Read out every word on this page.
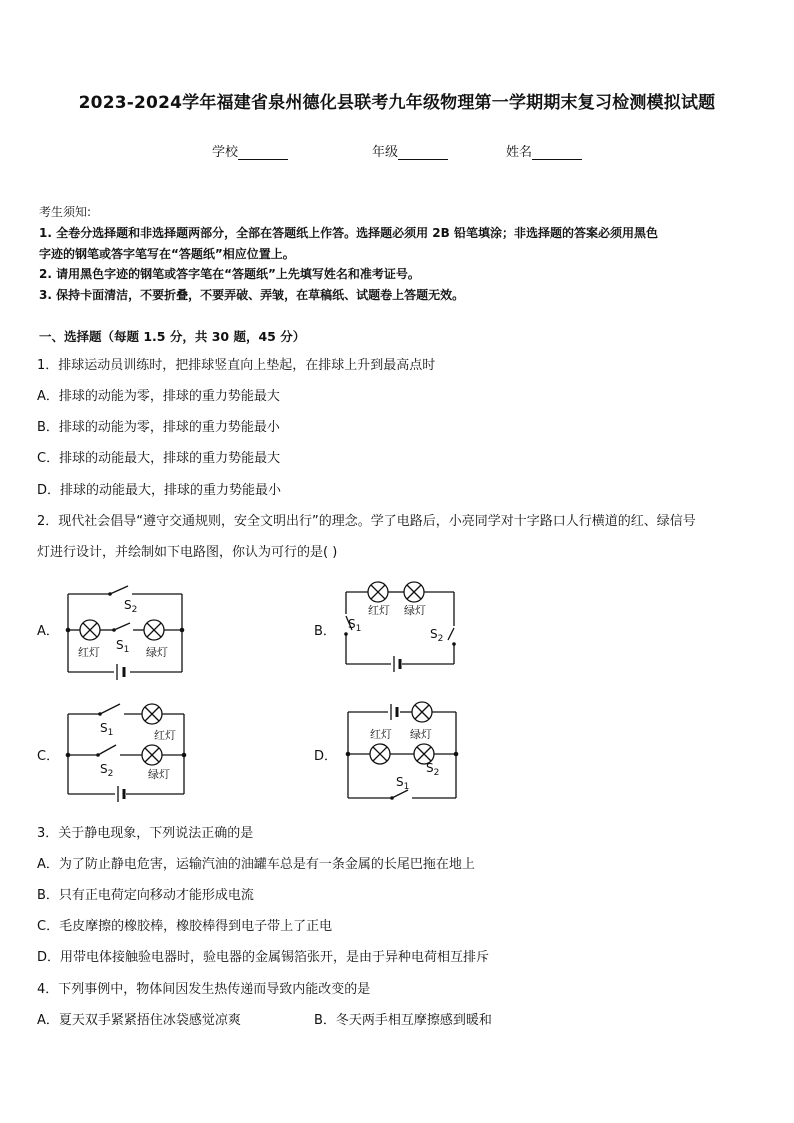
2023-2024学年福建省泉州德化县联考九年级物理第一学期期末复习检测模拟试题
学校	年级	姓名
考生须知:
1. 全卷分选择题和非选择题两部分，全部在答题纸上作答。选择题必须用 2B 铅笔填涂；非选择题的答案必须用黑色
字迹的钢笔或答字笔写在“答题纸”相应位置上。
2. 请用黑色字迹的钢笔或答字笔在“答题纸”上先填写姓名和准考证号。
3. 保持卡面清洁，不要折叠，不要弄破、弄皱，在草稿纸、试题卷上答题无效。
一、选择题（每题 1.5 分，共 30 题，45 分）
1．排球运动员训练时，把排球竖直向上垫起，在排球上升到最高点时
A．排球的动能为零，排球的重力势能最大
B．排球的动能为零，排球的重力势能最小
C．排球的动能最大，排球的重力势能最大
D．排球的动能最大，排球的重力势能最小
2．现代社会倡导“遵守交通规则，安全文明出行”的理念。学了电路后，小亮同学对十字路口人行横道的红、绿信号
灯进行设计，并绘制如下电路图，你认为可行的是( )
A．	B．
C．	D．
$S_2$
$S_1$
红灯	绿灯
$S_1$	$S_2$
红灯 绿灯
$S_1$
$S_2$
红灯
绿灯
红灯 绿灯
$S_1$
$S_2$
3．关于静电现象，下列说法正确的是
A．为了防止静电危害，运输汽油的油罐车总是有一条金属的长尾巴拖在地上
B．只有正电荷定向移动才能形成电流
C．毛皮摩擦的橡胶棒，橡胶棒得到电子带上了正电
D．用带电体接触验电器时，验电器的金属锡箔张开，是由于异种电荷相互排斥
4．下列事例中，物体间因发生热传递而导致内能改变的是
A．夏天双手紧紧捂住冰袋感觉凉爽	B．冬天两手相互摩擦感到暖和
